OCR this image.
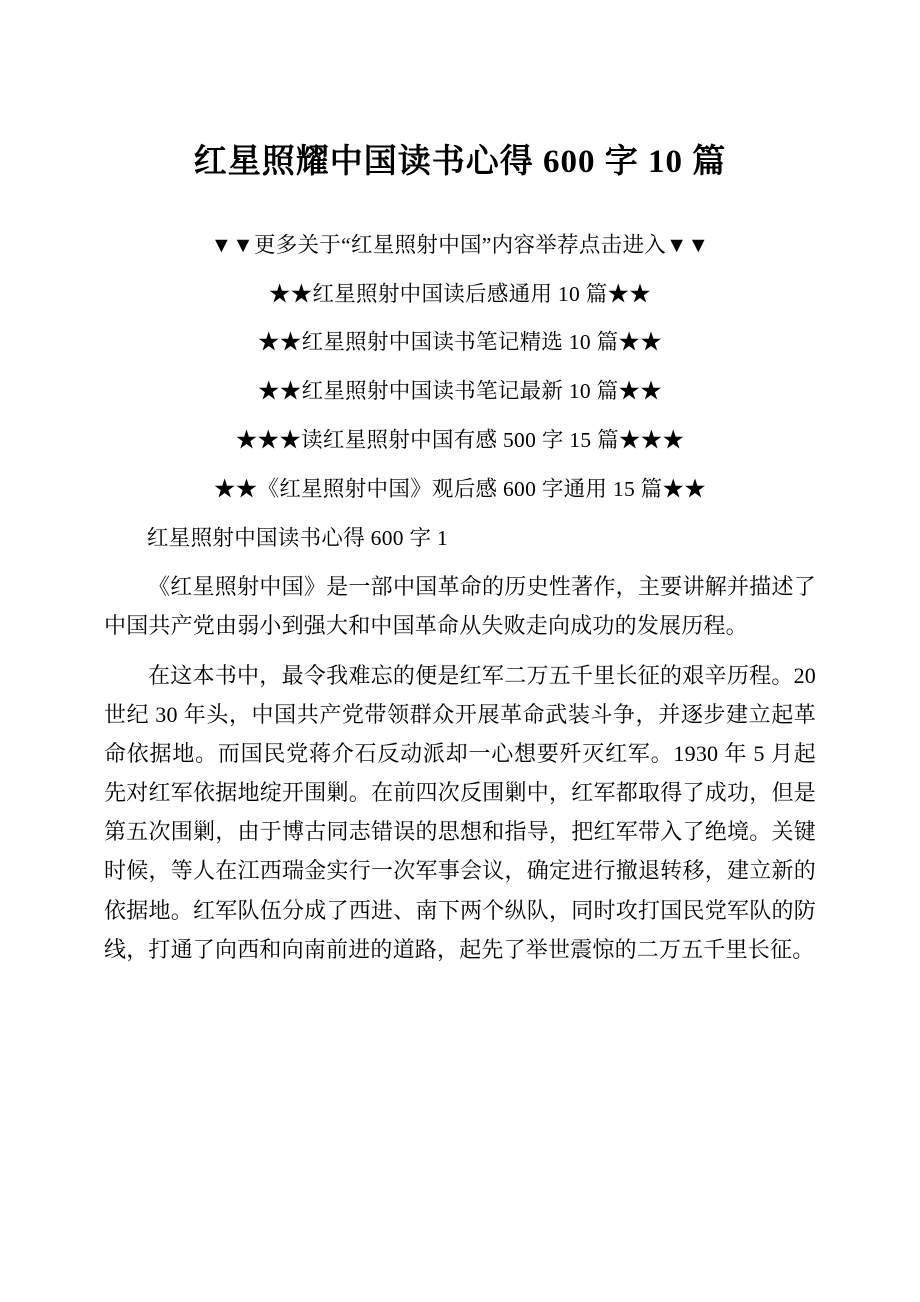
红星照耀中国读书心得 600 字 10 篇

▼▼更多关于“红星照射中国”内容举荐点击进入▼▼

★★红星照射中国读后感通用 10 篇★★

★★红星照射中国读书笔记精选 10 篇★★

★★红星照射中国读书笔记最新 10 篇★★

★★★读红星照射中国有感 500 字 15 篇★★★

★★《红星照射中国》观后感 600 字通用 15 篇★★

红星照射中国读书心得 600 字 1

《红星照射中国》是一部中国革命的历史性著作，主要讲解并描述了中国共产党由弱小到强大和中国革命从失败走向成功的发展历程。

在这本书中，最令我难忘的便是红军二万五千里长征的艰辛历程。20 世纪 30 年头，中国共产党带领群众开展革命武装斗争，并逐步建立起革命依据地。而国民党蒋介石反动派却一心想要歼灭红军。1930 年 5 月起先对红军依据地绽开围剿。在前四次反围剿中，红军都取得了成功，但是第五次围剿，由于博古同志错误的思想和指导，把红军带入了绝境。关键时候，等人在江西瑞金实行一次军事会议，确定进行撤退转移，建立新的依据地。红军队伍分成了西进、南下两个纵队，同时攻打国民党军队的防线，打通了向西和向南前进的道路，起先了举世震惊的二万五千里长征。
